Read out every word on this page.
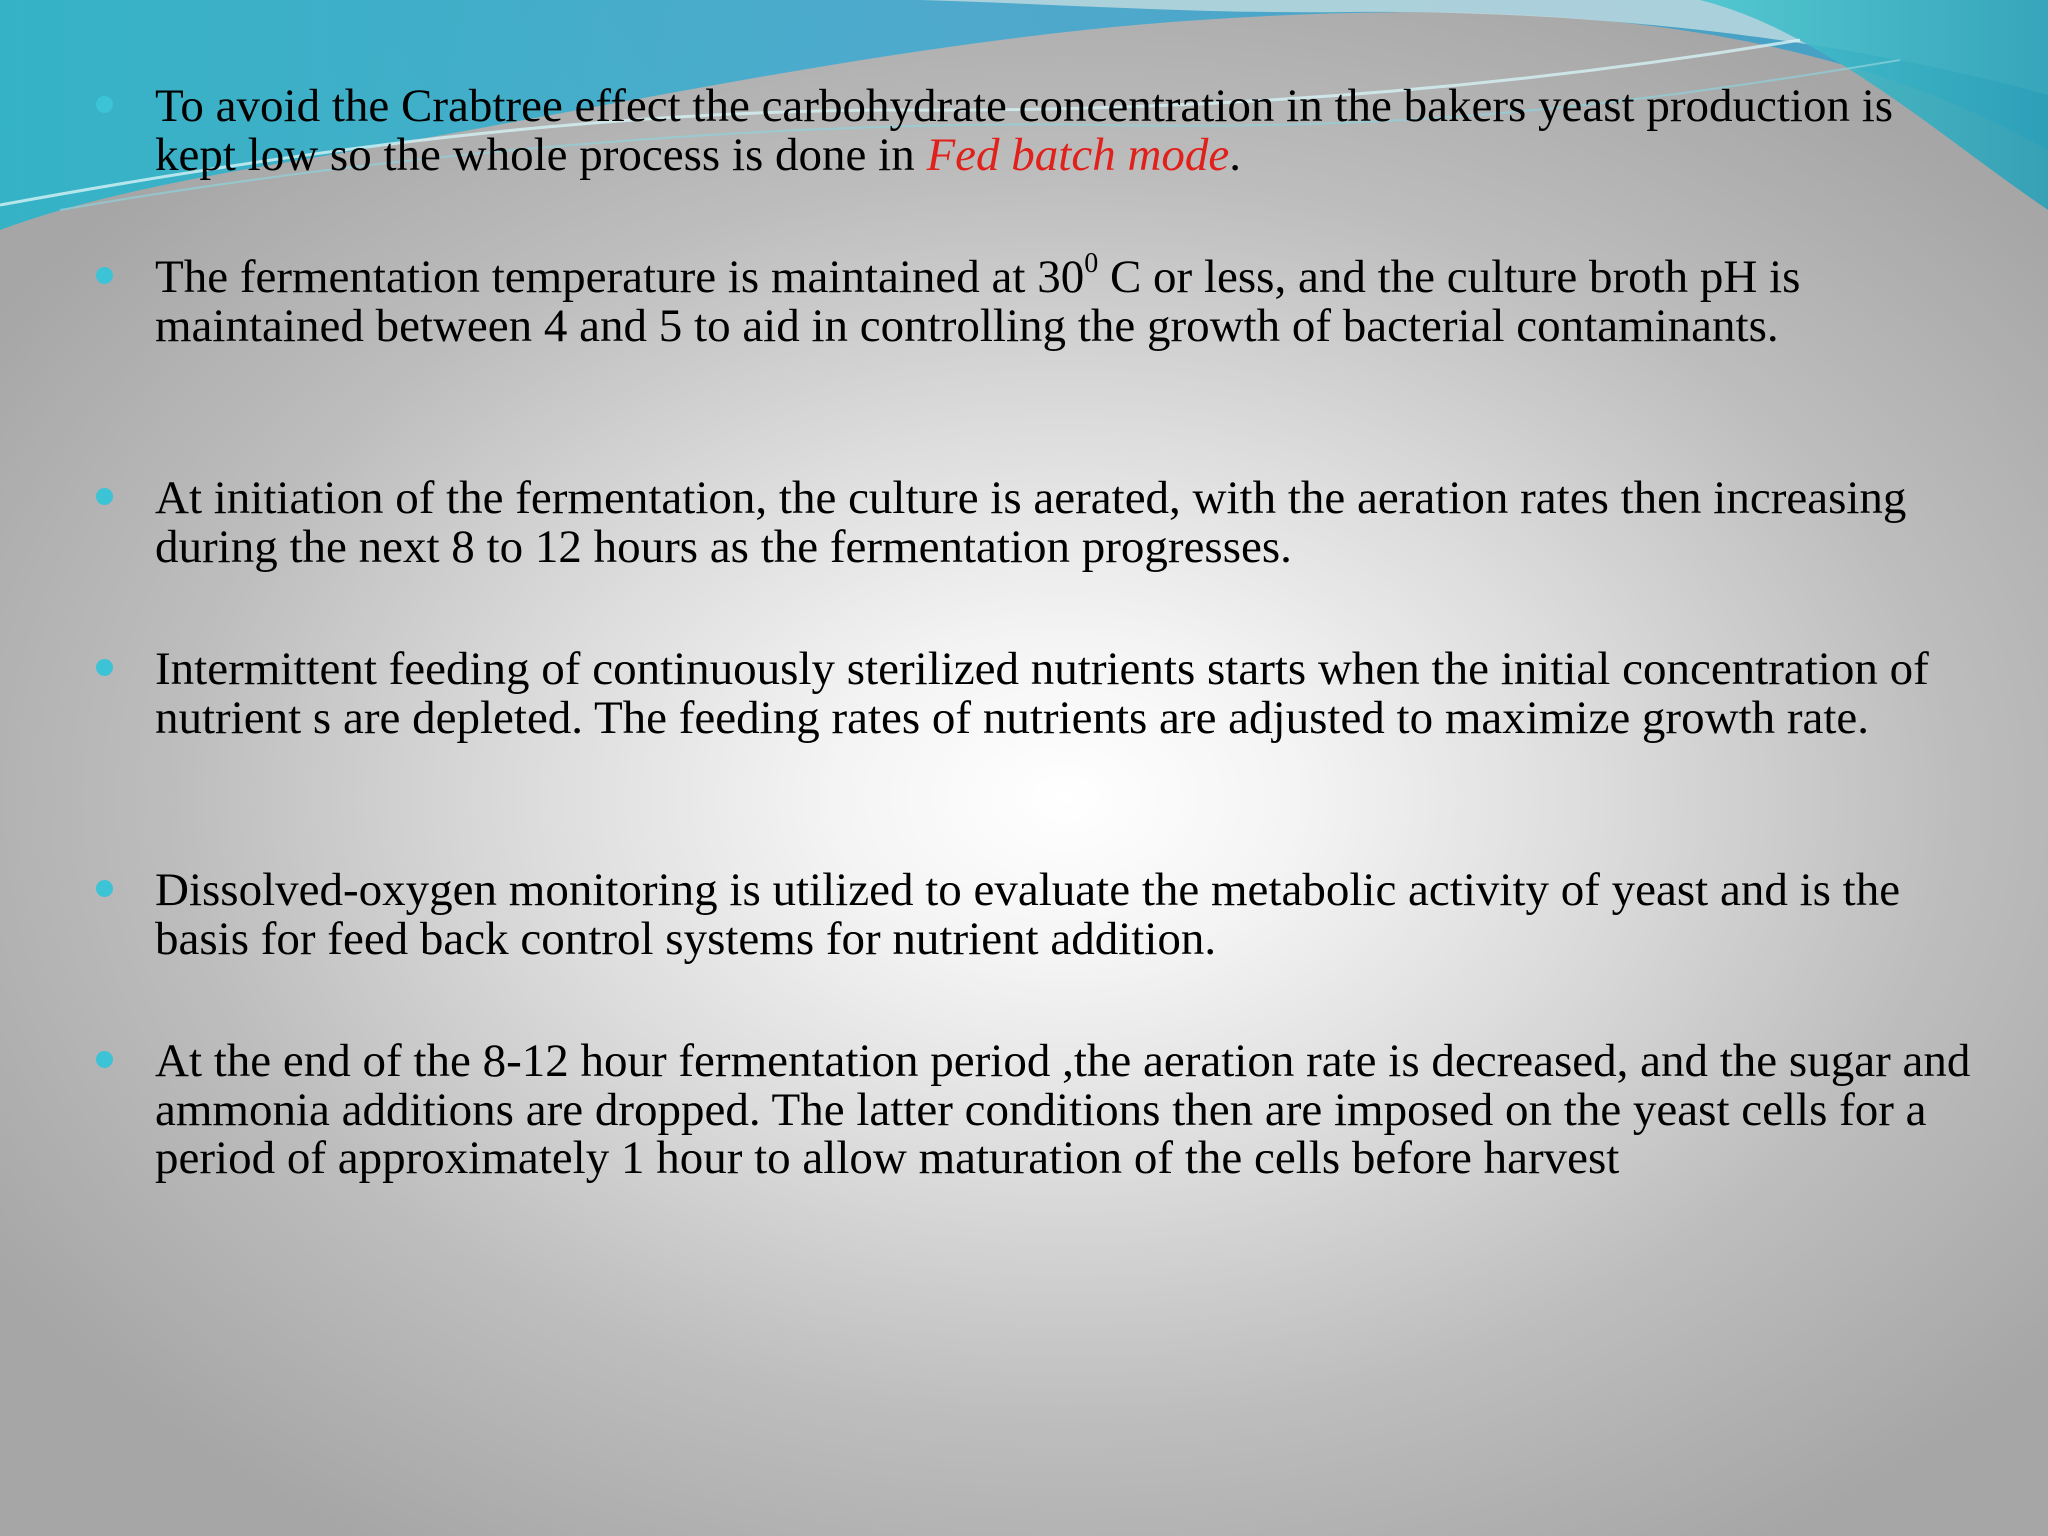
To avoid the Crabtree effect the carbohydrate concentration in the bakers yeast production is kept low so the whole process is done in Fed batch mode.

The fermentation temperature is maintained at $30^0$ C or less, and the culture broth pH is maintained between 4 and 5 to aid in controlling the growth of bacterial contaminants.

At initiation of the fermentation, the culture is aerated, with the aeration rates then increasing during the next 8 to 12 hours as the fermentation progresses.

Intermittent feeding of continuously sterilized nutrients starts when the initial concentration of nutrient s are depleted. The feeding rates of nutrients are adjusted to maximize growth rate.

Dissolved-oxygen monitoring is utilized to evaluate the metabolic activity of yeast and is the basis for feed back control systems for nutrient addition.

At the end of the 8-12 hour fermentation period ,the aeration rate is decreased, and the sugar and ammonia additions are dropped. The latter conditions then are imposed on the yeast cells for a period of approximately 1 hour to allow maturation of the cells before harvest
